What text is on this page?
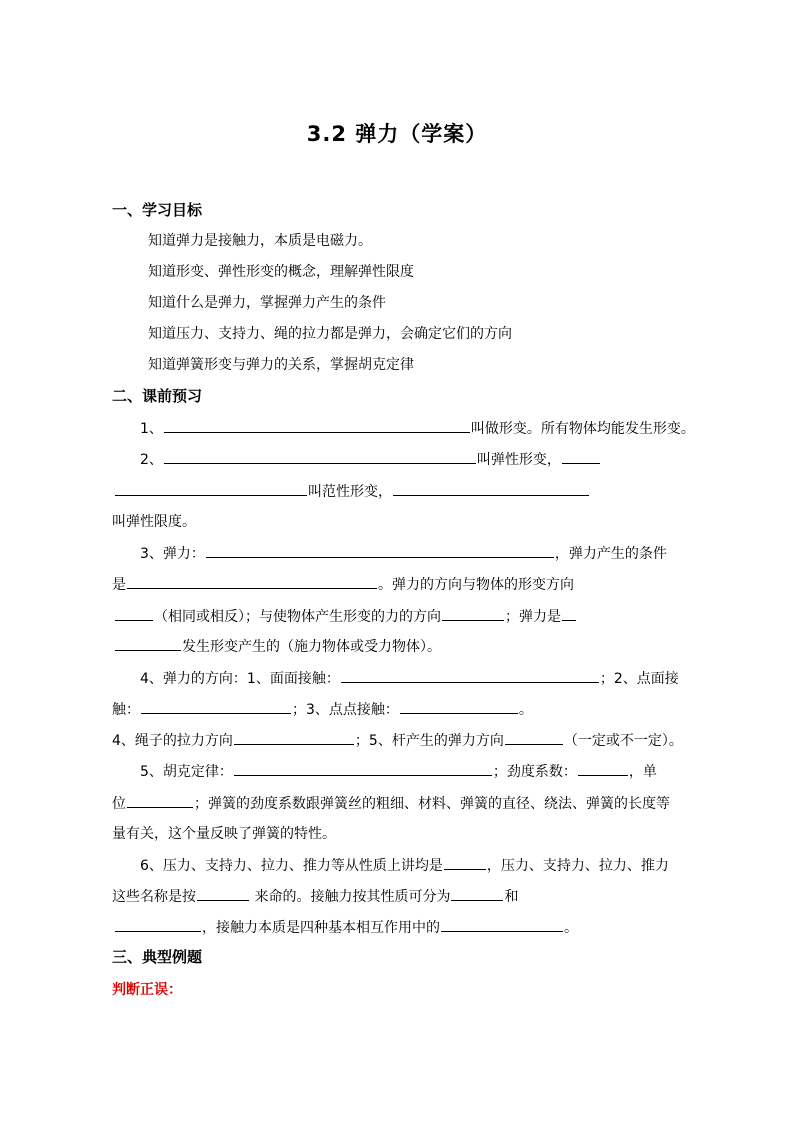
3.2 弹力（学案）
一、学习目标
知道弹力是接触力，本质是电磁力。
知道形变、弹性形变的概念，理解弹性限度
知道什么是弹力，掌握弹力产生的条件
知道压力、支持力、绳的拉力都是弹力，会确定它们的方向
知道弹簧形变与弹力的关系，掌握胡克定律
二、课前预习
1、	叫做形变。所有物体均能发生形变。
2、	叫弹性形变，
叫范性形变，
叫弹性限度。
3、弹力：	，弹力产生的条件
是	。弹力的方向与物体的形变方向
（相同或相反）；与使物体产生形变的力的方向	；弹力是
发生形变产生的（施力物体或受力物体）。
4、弹力的方向：1、面面接触：	；2、点面接
触：	；3、点点接触：	。
4、绳子的拉力方向	；5、杆产生的弹力方向	（一定或不一定）。
5、胡克定律：	；劲度系数：	，单
位	；弹簧的劲度系数跟弹簧丝的粗细、材料、弹簧的直径、绕法、弹簧的长度等
量有关，这个量反映了弹簧的特性。
6、压力、支持力、拉力、推力等从性质上讲均是	，压力、支持力、拉力、推力
这些名称是按	来命的。接触力按其性质可分为	和
，接触力本质是四种基本相互作用中的	。
三、典型例题
判断正误：
